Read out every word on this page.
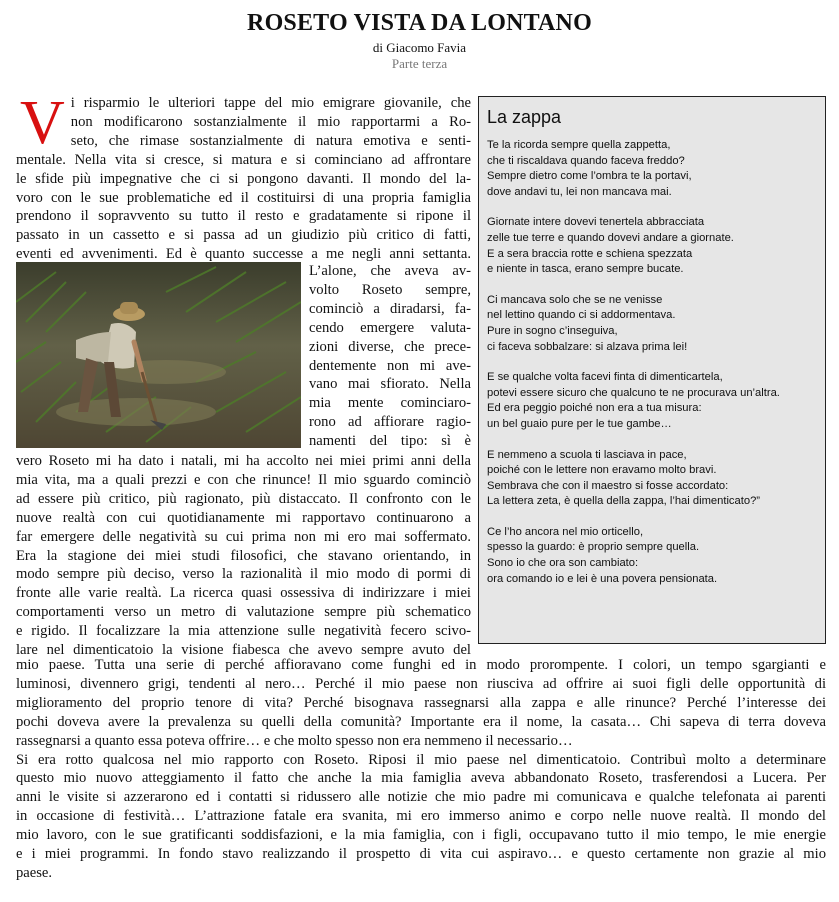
ROSETO VISTA DA LONTANO
di Giacomo Favia
Parte terza
V i risparmio le ulteriori tappe del mio emigrare giovanile, che
non modificarono sostanzialmente il mio rapportarmi a Ro-
seto, che rimase sostanzialmente di natura emotiva e senti-
mentale. Nella vita si cresce, si matura e si cominciano ad affrontare
le sfide più impegnative che ci si pongono davanti. Il mondo del la-
voro con le sue problematiche ed il costituirsi di una propria famiglia
prendono il sopravvento su tutto il resto e gradatamente si ripone il
passato in un cassetto e si passa ad un giudizio più critico di fatti,
eventi ed avvenimenti. Ed è quanto successe a me negli anni settanta.
L’alone, che aveva av-
volto Roseto sempre,
cominciò a diradarsi, fa-
cendo emergere valuta-
zioni diverse, che prece-
dentemente non mi ave-
vano mai sfiorato. Nella
mia mente cominciaro-
rono ad affiorare ragio-
namenti del tipo: sì è
vero Roseto mi ha dato i natali, mi ha accolto nei miei primi anni della
mia vita, ma a quali prezzi e con che rinunce! Il mio sguardo cominciò
ad essere più critico, più ragionato, più distaccato. Il confronto con le
nuove realtà con cui quotidianamente mi rapportavo continuarono a
far emergere delle negatività su cui prima non mi ero mai soffermato.
Era la stagione dei miei studi filosofici, che stavano orientando, in
modo sempre più deciso, verso la razionalità il mio modo di pormi di
fronte alle varie realtà. La ricerca quasi ossessiva di indirizzare i miei
comportamenti verso un metro di valutazione sempre più schematico
e rigido. Il focalizzare la mia attenzione sulle negatività fecero scivo-
lare nel dimenticatoio la visione fiabesca che avevo sempre avuto del
mio paese. Tutta una serie di perché affioravano come funghi ed in modo prorompente. I colori, un tempo sgargianti e
luminosi, divennero grigi, tendenti al nero… Perché il mio paese non riusciva ad offrire ai suoi figli delle opportunità di
miglioramento del proprio tenore di vita? Perché bisognava rassegnarsi alla zappa e alle rinunce? Perché l’interesse dei
pochi doveva avere la prevalenza su quelli della comunità? Importante era il nome, la casata… Chi sapeva di terra doveva
rassegnarsi a quanto essa poteva offrire… e che molto spesso non era nemmeno il necessario…
Si era rotto qualcosa nel mio rapporto con Roseto. Riposi il mio paese nel dimenticatoio. Contribuì molto a determinare
questo mio nuovo atteggiamento il fatto che anche la mia famiglia aveva abbandonato Roseto, trasferendosi a Lucera. Per
anni le visite si azzerarono ed i contatti si ridussero alle notizie che mio padre mi comunicava e qualche telefonata ai parenti
in occasione di festività… L’attrazione fatale era svanita, mi ero immerso animo e corpo nelle nuove realtà. Il mondo del
mio lavoro, con le sue gratificanti soddisfazioni, e la mia famiglia, con i figli, occupavano tutto il mio tempo, le mie energie
e i miei programmi. In fondo stavo realizzando il prospetto di vita cui aspiravo… e questo certamente non grazie al mio
paese.
La zappa
Te la ricorda sempre quella zappetta,
che ti riscaldava quando faceva freddo?
Sempre dietro come l’ombra te la portavi,
dove andavi tu, lei non mancava mai.
Giornate intere dovevi tenertela abbracciata
zelle tue terre e quando dovevi andare a giornate.
E a sera braccia rotte e schiena spezzata
e niente in tasca, erano sempre bucate.
Ci mancava solo che se ne venisse
nel lettino quando ci si addormentava.
Pure in sogno c’inseguiva,
ci faceva sobbalzare: si alzava prima lei!
E se qualche volta facevi finta di dimenticartela,
potevi essere sicuro che qualcuno te ne procurava un’altra.
Ed era peggio poiché non era a tua misura:
un bel guaio pure per le tue gambe…
E nemmeno a scuola ti lasciava in pace,
poiché con le lettere non eravamo molto bravi.
Sembrava che con il maestro si fosse accordato:
La lettera zeta, è quella della zappa, l’hai dimenticato?”
Ce l’ho ancora nel mio orticello,
spesso la guardo: è proprio sempre quella.
Sono io che ora son cambiato:
ora comando io e lei è una povera pensionata.
